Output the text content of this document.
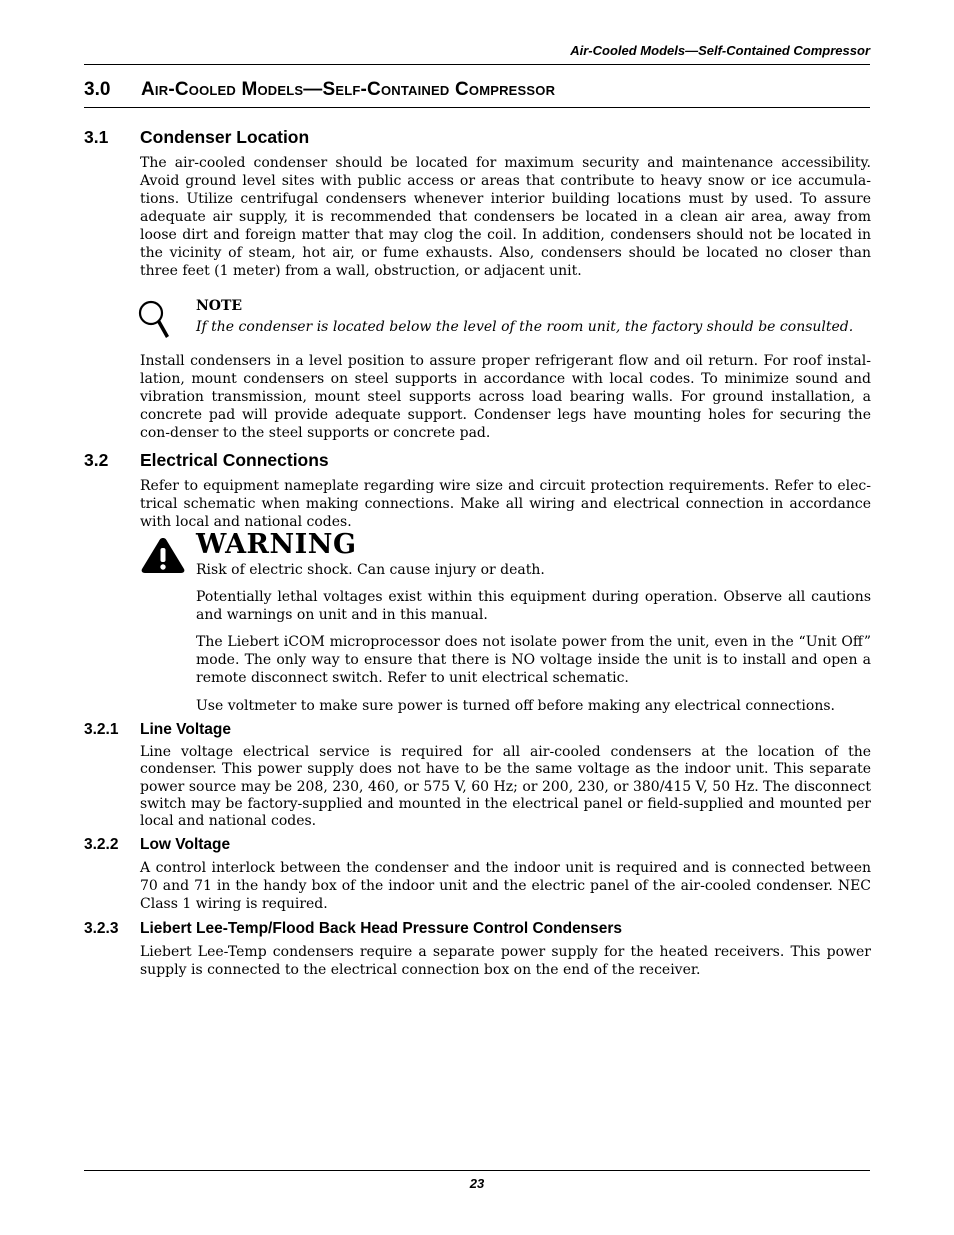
Air-Cooled Models—Self-Contained Compressor
3.0 Air-Cooled Models—Self-Contained Compressor
3.1 Condenser Location

The air-cooled condenser should be located for maximum security and maintenance accessibility. Avoid ground level sites with public access or areas that contribute to heavy snow or ice accumula-tions. Utilize centrifugal condensers whenever interior building locations must by used. To assure adequate air supply, it is recommended that condensers be located in a clean air area, away from loose dirt and foreign matter that may clog the coil. In addition, condensers should not be located in the vicinity of steam, hot air, or fume exhausts. Also, condensers should be located no closer than three feet (1 meter) from a wall, obstruction, or adjacent unit.

NOTE
If the condenser is located below the level of the room unit, the factory should be consulted.

Install condensers in a level position to assure proper refrigerant flow and oil return. For roof instal-lation, mount condensers on steel supports in accordance with local codes. To minimize sound and vibration transmission, mount steel supports across load bearing walls. For ground installation, a concrete pad will provide adequate support. Condenser legs have mounting holes for securing the con-denser to the steel supports or concrete pad.

3.2 Electrical Connections

Refer to equipment nameplate regarding wire size and circuit protection requirements. Refer to elec-trical schematic when making connections. Make all wiring and electrical connection in accordance with local and national codes.

WARNING

Risk of electric shock. Can cause injury or death.

Potentially lethal voltages exist within this equipment during operation. Observe all cautions and warnings on unit and in this manual.

The Liebert iCOM microprocessor does not isolate power from the unit, even in the “Unit Off” mode. The only way to ensure that there is NO voltage inside the unit is to install and open a remote disconnect switch. Refer to unit electrical schematic.

Use voltmeter to make sure power is turned off before making any electrical connections.

3.2.1 Line Voltage

Line voltage electrical service is required for all air-cooled condensers at the location of the condenser. This power supply does not have to be the same voltage as the indoor unit. This separate power source may be 208, 230, 460, or 575 V, 60 Hz; or 200, 230, or 380/415 V, 50 Hz. The disconnect switch may be factory-supplied and mounted in the electrical panel or field-supplied and mounted per local and national codes.

3.2.2 Low Voltage

A control interlock between the condenser and the indoor unit is required and is connected between 70 and 71 in the handy box of the indoor unit and the electric panel of the air-cooled condenser. NEC Class 1 wiring is required.

3.2.3 Liebert Lee-Temp/Flood Back Head Pressure Control Condensers

Liebert Lee-Temp condensers require a separate power supply for the heated receivers. This power supply is connected to the electrical connection box on the end of the receiver.

23
